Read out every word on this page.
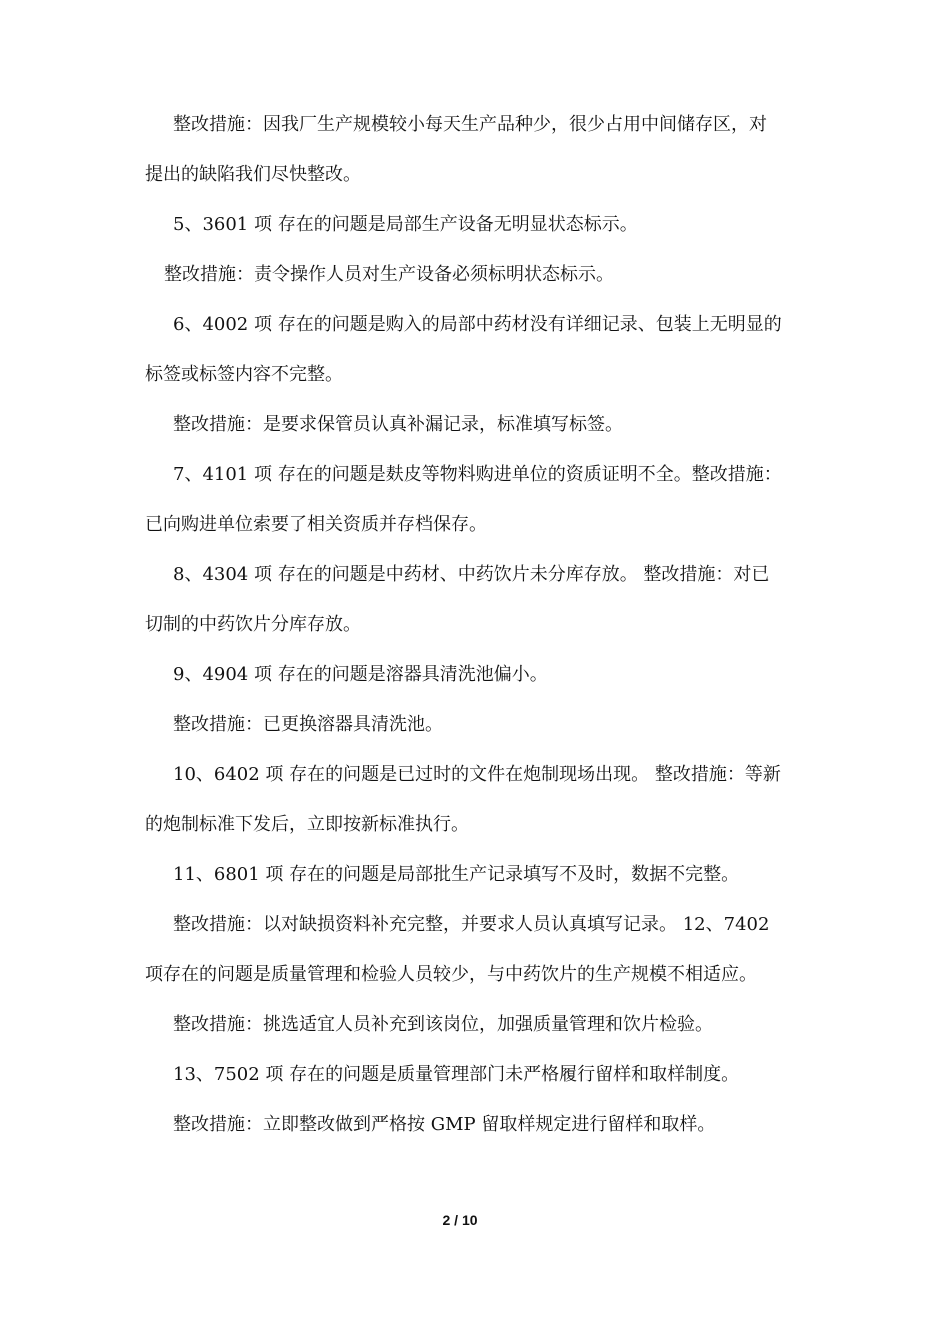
整改措施：因我厂生产规模较小每天生产品种少，很少占用中间储存区，对

提出的缺陷我们尽快整改。

5、3601 项 存在的问题是局部生产设备无明显状态标示。

整改措施：责令操作人员对生产设备必须标明状态标示。

6、4002 项 存在的问题是购入的局部中药材没有详细记录、包装上无明显的

标签或标签内容不完整。

整改措施：是要求保管员认真补漏记录，标准填写标签。

7、4101 项 存在的问题是麸皮等物料购进单位的资质证明不全。整改措施：

已向购进单位索要了相关资质并存档保存。

8、4304 项 存在的问题是中药材、中药饮片未分库存放。 整改措施：对已

切制的中药饮片分库存放。

9、4904 项 存在的问题是溶器具清洗池偏小。

整改措施：已更换溶器具清洗池。

10、6402 项 存在的问题是已过时的文件在炮制现场出现。 整改措施：等新

的炮制标准下发后，立即按新标准执行。

11、6801 项 存在的问题是局部批生产记录填写不及时，数据不完整。

整改措施：以对缺损资料补充完整，并要求人员认真填写记录。 12、7402

项存在的问题是质量管理和检验人员较少，与中药饮片的生产规模不相适应。

整改措施：挑选适宜人员补充到该岗位，加强质量管理和饮片检验。

13、7502 项 存在的问题是质量管理部门未严格履行留样和取样制度。

整改措施：立即整改做到严格按 GMP 留取样规定进行留样和取样。

2 / 10
